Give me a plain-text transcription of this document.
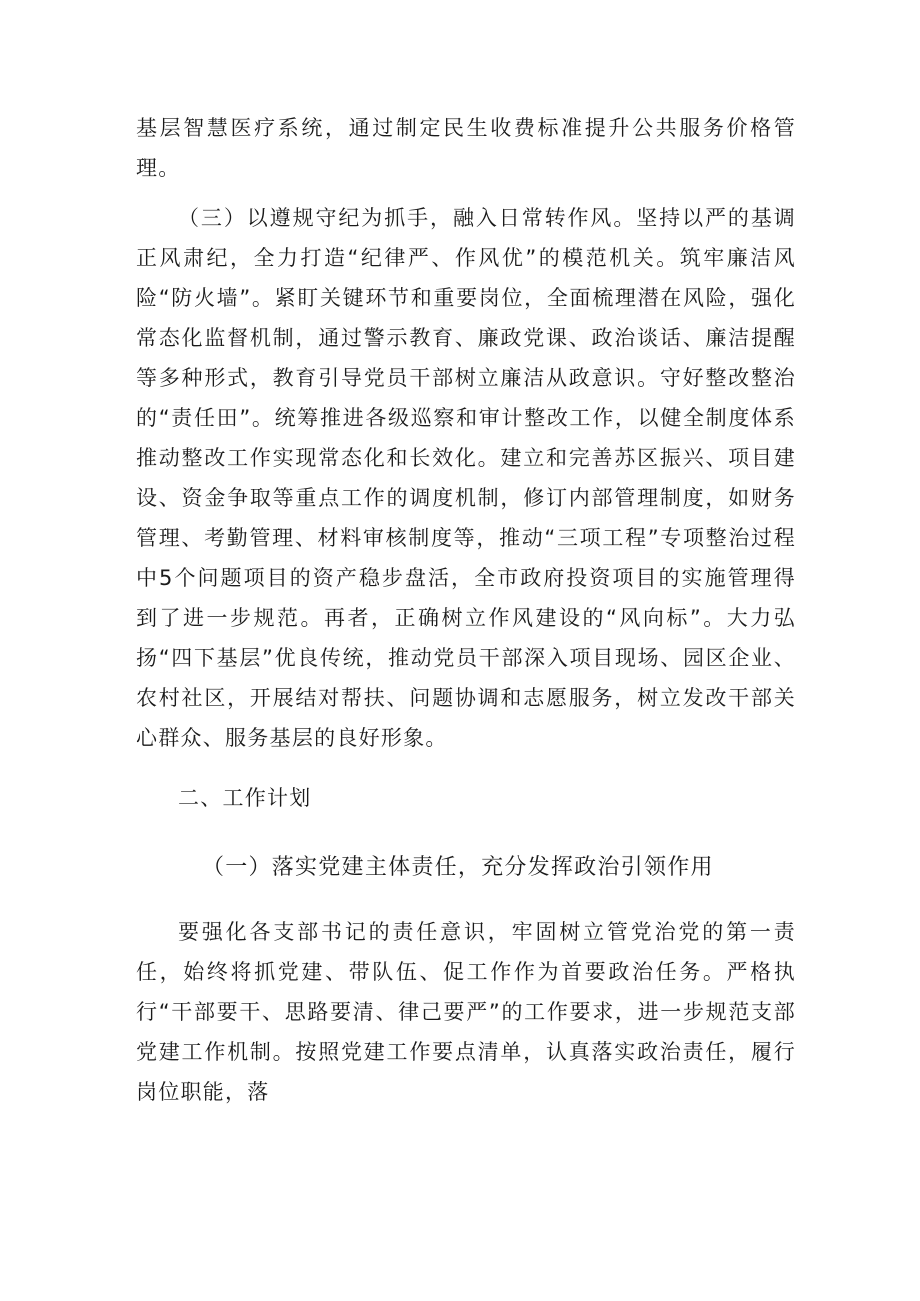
基层智慧医疗系统，通过制定民生收费标准提升公共服务价格管理。

（三）以遵规守纪为抓手，融入日常转作风。坚持以严的基调正风肃纪，全力打造“纪律严、作风优”的模范机关。筑牢廉洁风险“防火墙”。紧盯关键环节和重要岗位，全面梳理潜在风险，强化常态化监督机制，通过警示教育、廉政党课、政治谈话、廉洁提醒等多种形式，教育引导党员干部树立廉洁从政意识。守好整改整治的“责任田”。统筹推进各级巡察和审计整改工作，以健全制度体系推动整改工作实现常态化和长效化。建立和完善苏区振兴、项目建设、资金争取等重点工作的调度机制，修订内部管理制度，如财务管理、考勤管理、材料审核制度等，推动“三项工程”专项整治过程中5个问题项目的资产稳步盘活，全市政府投资项目的实施管理得到了进一步规范。再者，正确树立作风建设的“风向标”。大力弘扬“四下基层”优良传统，推动党员干部深入项目现场、园区企业、农村社区，开展结对帮扶、问题协调和志愿服务，树立发改干部关心群众、服务基层的良好形象。

二、工作计划

（一）落实党建主体责任，充分发挥政治引领作用

要强化各支部书记的责任意识，牢固树立管党治党的第一责任，始终将抓党建、带队伍、促工作作为首要政治任务。严格执行“干部要干、思路要清、律己要严”的工作要求，进一步规范支部党建工作机制。按照党建工作要点清单，认真落实政治责任，履行岗位职能，落
